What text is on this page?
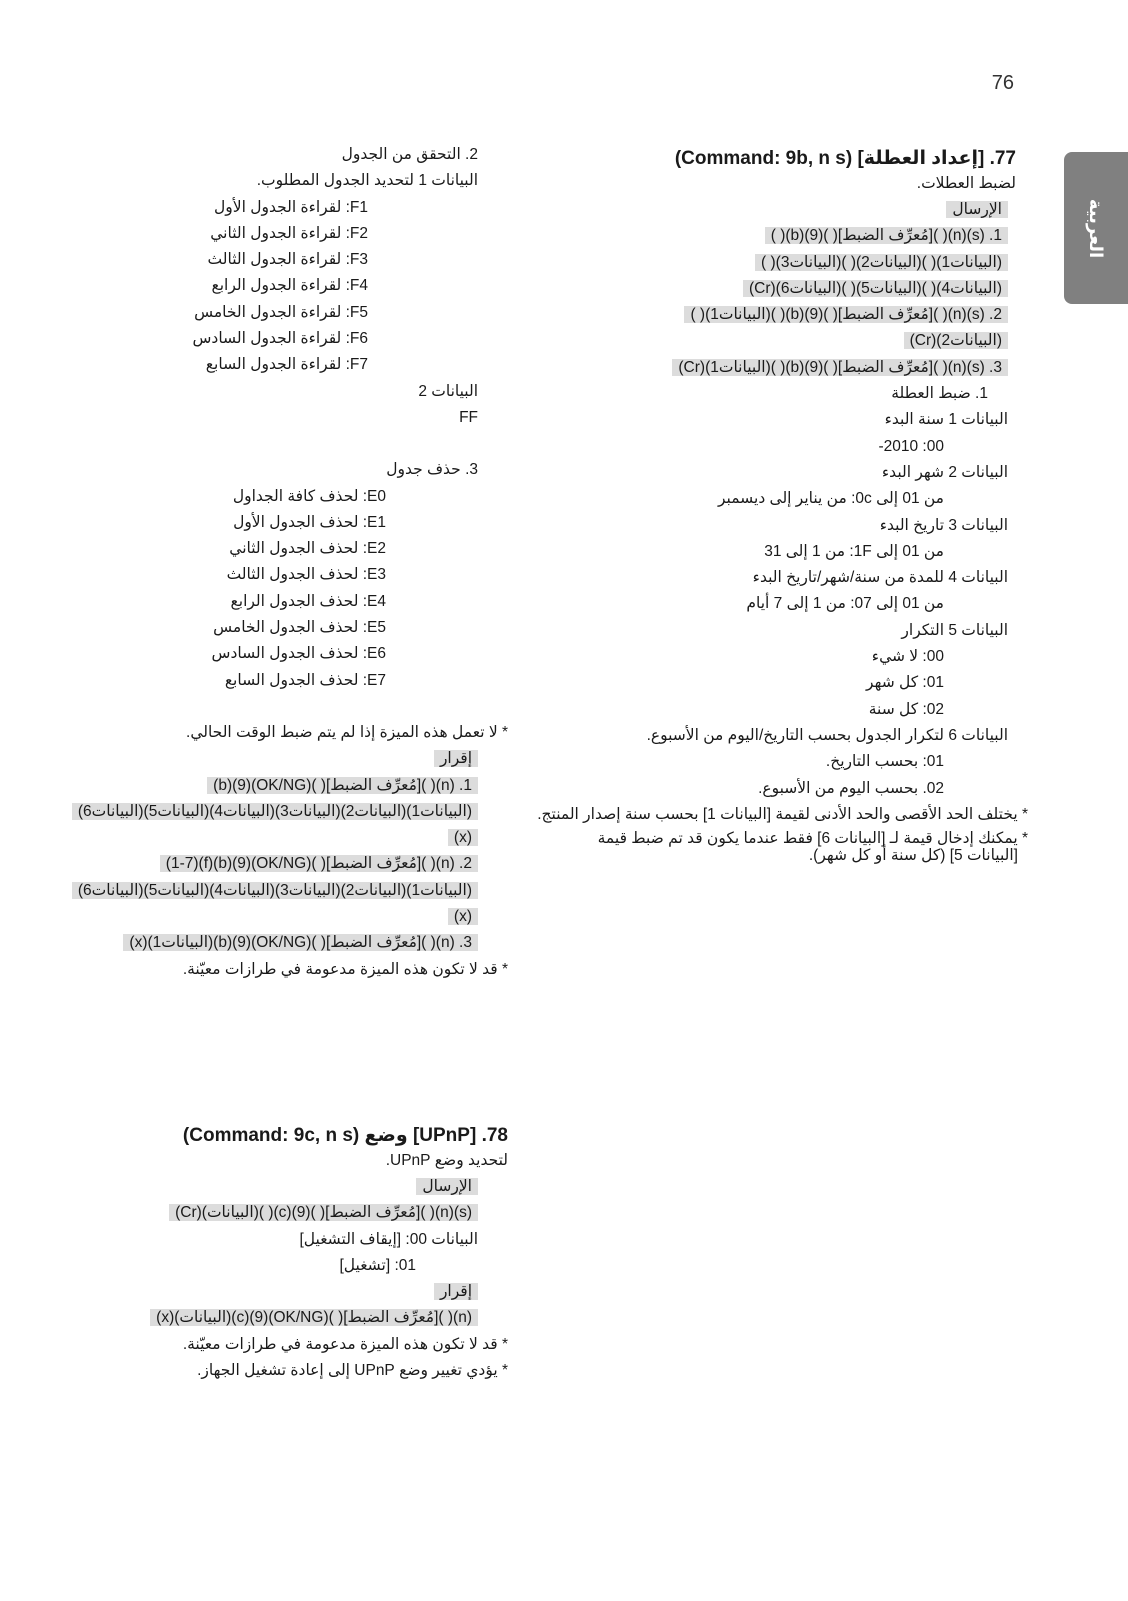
76
العربية
77. [إعداد العطلة] (Command: 9b, n s)
لضبط العطلات.
الإرسال
1. (s)(n)( )[مُعرِّف الضبط]( )(9)(b)( )
(البيانات1)( )(البيانات2)( )(البيانات3)( )
(البيانات4)( )(البيانات5)( )(البيانات6)(Cr)
2. (s)(n)( )[مُعرِّف الضبط]( )(9)(b)( )(البيانات1)( )
(البيانات2)(Cr)
3. (s)(n)( )[مُعرِّف الضبط]( )(9)(b)( )(البيانات1)(Cr)
1. ضبط العطلة
البيانات 1 سنة البدء
00: 2010-
البيانات 2 شهر البدء
من 01 إلى 0c: من يناير إلى ديسمبر
البيانات 3 تاريخ البدء
من 01 إلى 1F: من 1 إلى 31
البيانات 4 للمدة من سنة/شهر/تاريخ البدء
من 01 إلى 07: من 1 إلى 7 أيام
البيانات 5 التكرار
00: لا شيء
01: كل شهر
02: كل سنة
البيانات 6 لتكرار الجدول بحسب التاريخ/اليوم من الأسبوع.
01: بحسب التاريخ.
02. بحسب اليوم من الأسبوع.
* يختلف الحد الأقصى والحد الأدنى لقيمة [البيانات 1] بحسب سنة إصدار المنتج.
* يمكنك إدخال قيمة لـ [البيانات 6] فقط عندما يكون قد تم ضبط قيمة
[البيانات 5] (كل سنة أو كل شهر).
2. التحقق من الجدول
البيانات 1 لتحديد الجدول المطلوب.
F1: لقراءة الجدول الأول
F2: لقراءة الجدول الثاني
F3: لقراءة الجدول الثالث
F4: لقراءة الجدول الرابع
F5: لقراءة الجدول الخامس
F6: لقراءة الجدول السادس
F7: لقراءة الجدول السابع
البيانات 2
FF
3. حذف جدول
E0: لحذف كافة الجداول
E1: لحذف الجدول الأول
E2: لحذف الجدول الثاني
E3: لحذف الجدول الثالث
E4: لحذف الجدول الرابع
E5: لحذف الجدول الخامس
E6: لحذف الجدول السادس
E7: لحذف الجدول السابع
* لا تعمل هذه الميزة إذا لم يتم ضبط الوقت الحالي.
إقرار
1. (n)( )[مُعرِّف الضبط]( )(OK/NG)(9)(b)
(البيانات1)(البيانات2)(البيانات3)(البيانات4)(البيانات5)(البيانات6)
(x)
2. (n)( )[مُعرِّف الضبط]( )(OK/NG)(9)(b)(f)(1-7)
(البيانات1)(البيانات2)(البيانات3)(البيانات4)(البيانات5)(البيانات6)
(x)
3. (n)( )[مُعرِّف الضبط]( )(OK/NG)(9)(b)(البيانات1)(x)
* قد لا تكون هذه الميزة مدعومة في طرازات معيّنة.
78. [UPnP] وضع (Command: 9c, n s)
لتحديد وضع UPnP.
الإرسال
(s)(n)( )[مُعرِّف الضبط]( )(9)(c)( )(البيانات)(Cr)
البيانات 00: [إيقاف التشغيل]
01: [تشغيل]
إقرار
(n)( )[مُعرِّف الضبط]( )(OK/NG)(9)(c)(البيانات)(x)
* قد لا تكون هذه الميزة مدعومة في طرازات معيّنة.
* يؤدي تغيير وضع UPnP إلى إعادة تشغيل الجهاز.
